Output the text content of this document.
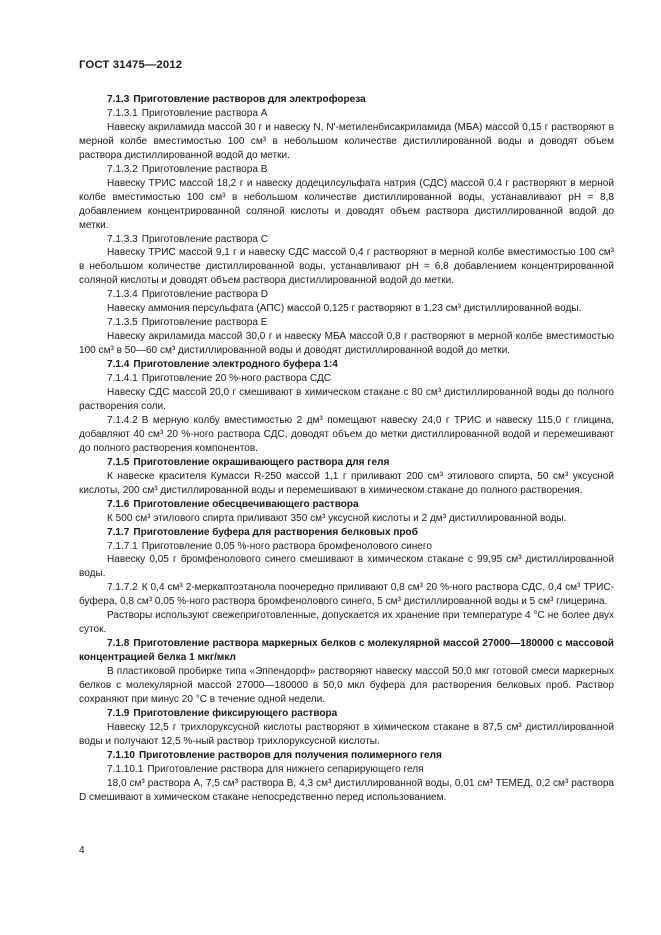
ГОСТ 31475—2012
7.1.3 Приготовление растворов для электрофореза
7.1.3.1 Приготовление раствора A
Навеску акриламида массой 30 г и навеску N, N'-метиленбисакриламида (МБА) массой 0,15 г растворяют в мерной колбе вместимостью 100 см³ в небольшом количестве дистиллированной воды и доводят объем раствора дистиллированной водой до метки.
7.1.3.2 Приготовление раствора B
Навеску ТРИС массой 18,2 г и навеску додецилсульфата натрия (СДС) массой 0,4 г растворяют в мерной колбе вместимостью 100 см³ в небольшом количестве дистиллированной воды, устанавливают pH = 8,8 добавлением концентрированной соляной кислоты и доводят объем раствора дистиллированной водой до метки.
7.1.3.3 Приготовление раствора C
Навеску ТРИС массой 9,1 г и навеску СДС массой 0,4 г растворяют в мерной колбе вместимостью 100 см³ в небольшом количестве дистиллированной воды, устанавливают pH = 6,8 добавлением концентрированной соляной кислоты и доводят объем раствора дистиллированной водой до метки.
7.1.3.4 Приготовление раствора D
Навеску аммония персульфата (АПС) массой 0,125 г растворяют в 1,23 см³ дистиллированной воды.
7.1.3.5 Приготовление раствора E
Навеску акриламида массой 30,0 г и навеску МБА массой 0,8 г растворяют в мерной колбе вместимостью 100 см³ в 50—60 см³ дистиллированной воды и доводят дистиллированной водой до метки.
7.1.4 Приготовление электродного буфера 1:4
7.1.4.1 Приготовление 20 %-ного раствора СДС
Навеску СДС массой 20,0 г смешивают в химическом стакане с 80 см³ дистиллированной воды до полного растворения соли.
7.1.4.2 В мерную колбу вместимостью 2 дм³ помещают навеску 24,0 г ТРИС и навеску 115,0 г глицина, добавляют 40 см³ 20 %-ного раствора СДС, доводят объем до метки дистиллированной водой и перемешивают до полного растворения компонентов.
7.1.5 Приготовление окрашивающего раствора для геля
К навеске красителя Кумасси R-250 массой 1,1 г приливают 200 см³ этилового спирта, 50 см³ уксусной кислоты, 200 см³ дистиллированной воды и перемешивают в химическом стакане до полного растворения.
7.1.6 Приготовление обесцвечивающего раствора
К 500 см³ этилового спирта приливают 350 см³ уксусной кислоты и 2 дм³ дистиллированной воды.
7.1.7 Приготовление буфера для растворения белковых проб
7.1.7.1 Приготовление 0,05 %-ного раствора бромфенолового синего
Навеску 0,05 г бромфенолового синего смешивают в химическом стакане с 99,95 см³ дистиллированной воды.
7.1.7.2 К 0,4 см³ 2-меркаптоэтанола поочередно приливают 0,8 см³ 20 %-ного раствора СДС, 0,4 см³ ТРИС-буфера, 0,8 см³ 0,05 %-ного раствора бромфенолового синего, 5 см³ дистиллированной воды и 5 см³ глицерина.
Растворы используют свежеприготовленные, допускается их хранение при температуре 4 °С не более двух суток.
7.1.8 Приготовление раствора маркерных белков с молекулярной массой 27000—180000 с массовой концентрацией белка 1 мкг/мкл
В пластиковой пробирке типа «Эппендорф» растворяют навеску массой 50,0 мкг готовой смеси маркерных белков с молекулярной массой 27000—180000 в 50,0 мкл буфера для растворения белковых проб. Раствор сохраняют при минус 20 °С в течение одной недели.
7.1.9 Приготовление фиксирующего раствора
Навеску 12,5 г трихлоруксусной кислоты растворяют в химическом стакане в 87,5 см³ дистиллированной воды и получают 12,5 %-ный раствор трихлоруксусной кислоты.
7.1.10 Приготовление растворов для получения полимерного геля
7.1.10.1 Приготовление раствора для нижнего сепарирующего геля
18,0 см³ раствора A, 7,5 см³ раствора B, 4,3 см³ дистиллированной воды, 0,01 см³ ТЕМЕД, 0,2 см³ раствора D смешивают в химическом стакане непосредственно перед использованием.
4
